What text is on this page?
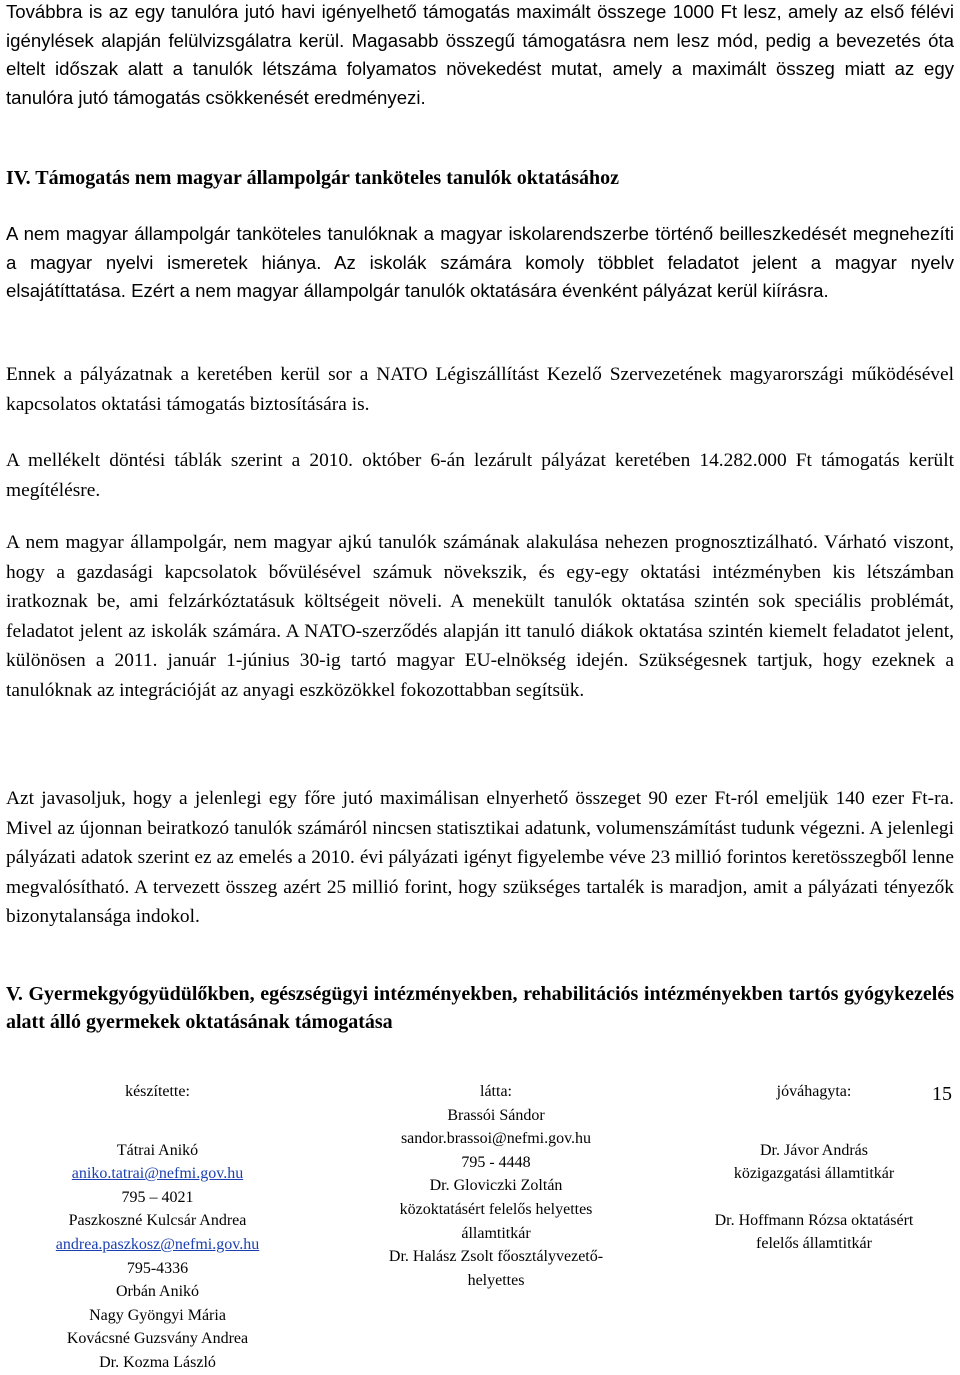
Továbbra is az egy tanulóra jutó havi igényelhető támogatás maximált összege 1000 Ft lesz, amely az első félévi igénylések alapján felülvizsgálatra kerül. Magasabb összegű támogatásra nem lesz mód, pedig a bevezetés óta eltelt időszak alatt a tanulók létszáma folyamatos növekedést mutat, amely a maximált összeg miatt az egy tanulóra jutó támogatás csökkenését eredményezi.

IV. Támogatás nem magyar állampolgár tanköteles tanulók oktatásához

A nem magyar állampolgár tanköteles tanulóknak a magyar iskolarendszerbe történő beilleszkedését megnehezíti a magyar nyelvi ismeretek hiánya. Az iskolák számára komoly többlet feladatot jelent a magyar nyelv elsajátíttatása. Ezért a nem magyar állampolgár tanulók oktatására évenként pályázat kerül kiírásra.

Ennek a pályázatnak a keretében kerül sor a NATO Légiszállítást Kezelő Szervezetének magyarországi működésével kapcsolatos oktatási támogatás biztosítására is.

A mellékelt döntési táblák szerint a 2010. október 6-án lezárult pályázat keretében 14.282.000 Ft támogatás került megítélésre.

A nem magyar állampolgár, nem magyar ajkú tanulók számának alakulása nehezen prognosztizálható. Várható viszont, hogy a gazdasági kapcsolatok bővülésével számuk növekszik, és egy-egy oktatási intézményben kis létszámban iratkoznak be, ami felzárkóztatásuk költségeit növeli. A menekült tanulók oktatása szintén sok speciális problémát, feladatot jelent az iskolák számára. A NATO-szerződés alapján itt tanuló diákok oktatása szintén kiemelt feladatot jelent, különösen a 2011. január 1-június 30-ig tartó magyar EU-elnökség idején. Szükségesnek tartjuk, hogy ezeknek a tanulóknak az integrációját az anyagi eszközökkel fokozottabban segítsük.

Azt javasoljuk, hogy a jelenlegi egy főre jutó maximálisan elnyerhető összeget 90 ezer Ft-ról emeljük 140 ezer Ft-ra. Mivel az újonnan beiratkozó tanulók számáról nincsen statisztikai adatunk, volumenszámítást tudunk végezni. A jelenlegi pályázati adatok szerint ez az emelés a 2010. évi pályázati igényt figyelembe véve 23 millió forintos keretösszegből lenne megvalósítható. A tervezett összeg azért 25 millió forint, hogy szükséges tartalék is maradjon, amit a pályázati tényezők bizonytalansága indokol.

V. Gyermekgyógyüdülőkben, egészségügyi intézményekben, rehabilitációs intézményekben tartós gyógykezelés alatt álló gyermekek oktatásának támogatása
készítette:
Tátrai Anikó
aniko.tatrai@nefmi.gov.hu
795 – 4021
Paszkoszné Kulcsár Andrea
andrea.paszkosz@nefmi.gov.hu
795-4336
Orbán Anikó
Nagy Gyöngyi Mária
Kovácsné Guzsvány Andrea
Dr. Kozma László
látta:
Brassói Sándor
sandor.brassoi@nefmi.gov.hu
795 - 4448
Dr. Gloviczki Zoltán
közoktatásért felelős helyettes
államtitkár
Dr. Halász Zsolt főosztályvezető-
helyettes
jóváhagyta:
Dr. Jávor András
közigazgatási államtitkár
Dr. Hoffmann Rózsa oktatásért
felelős államtitkár
15
